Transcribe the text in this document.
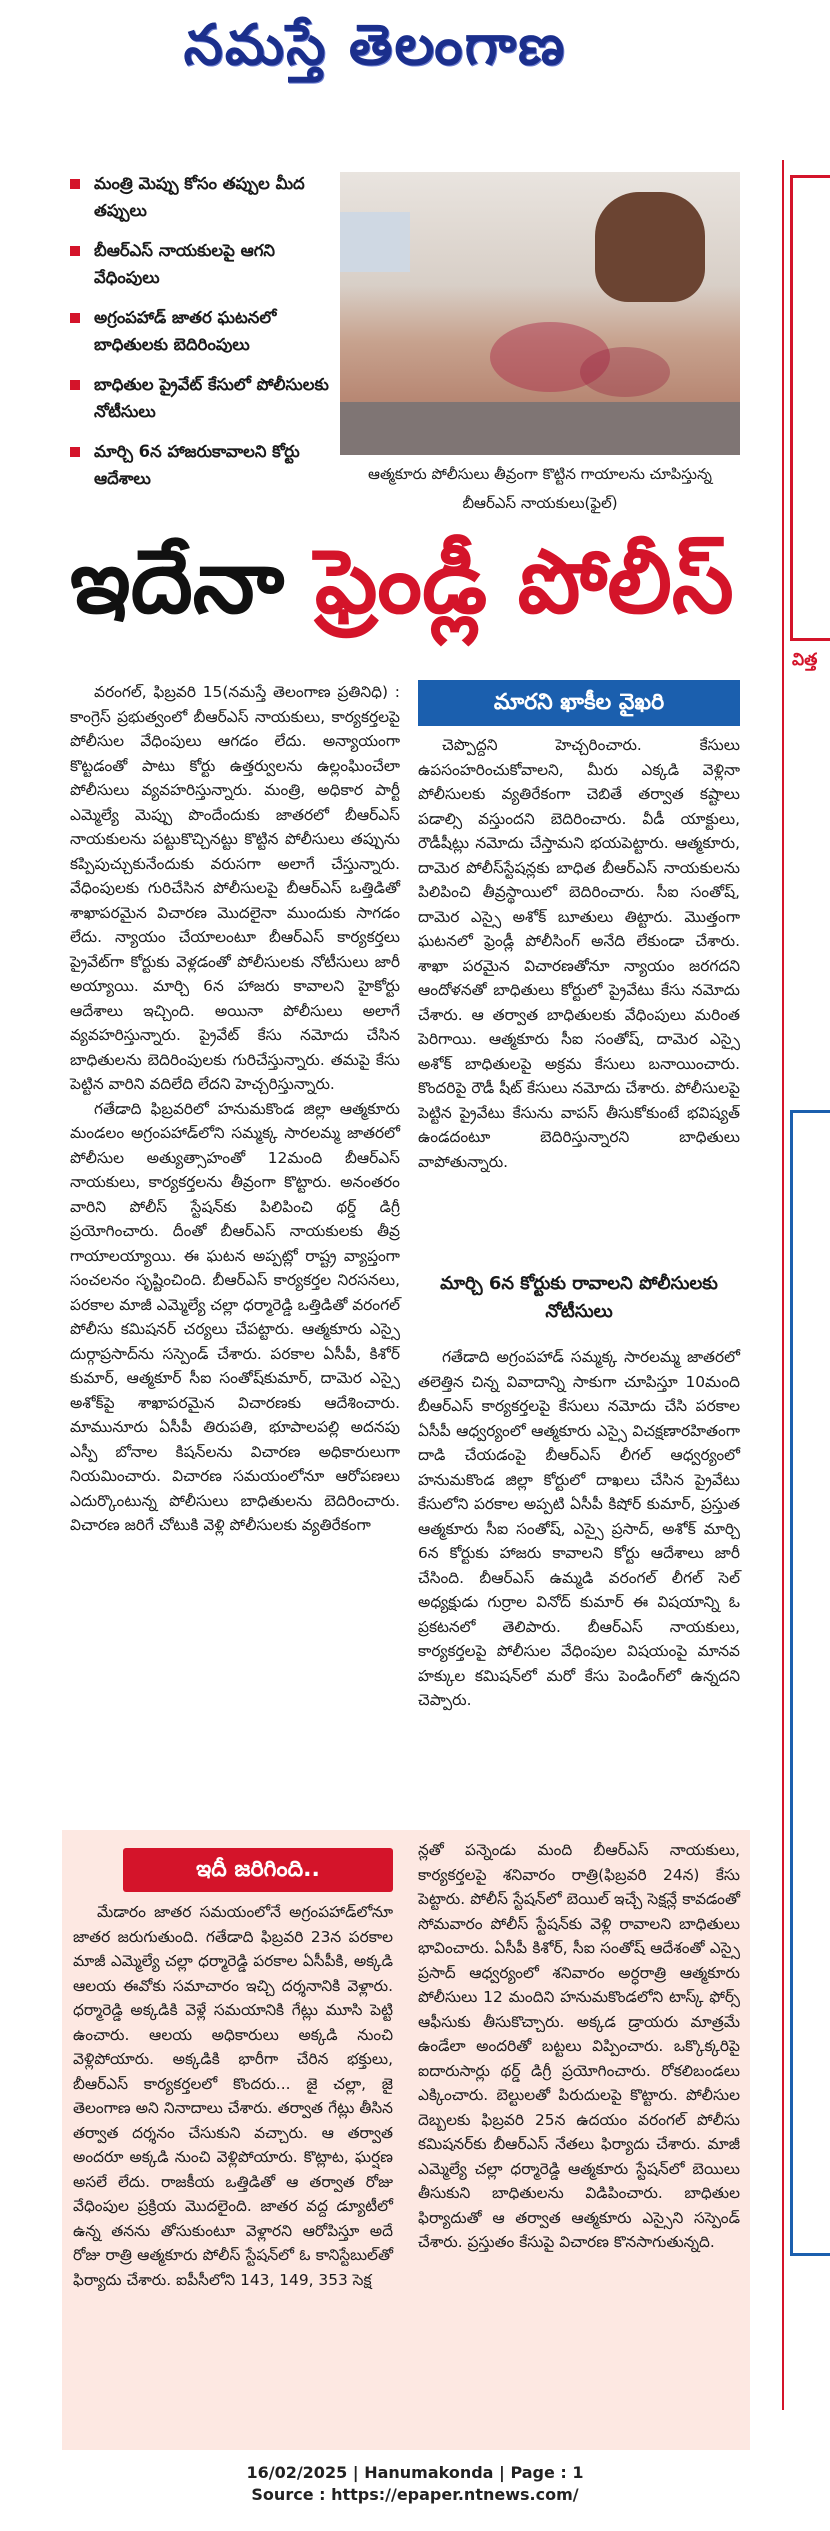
నమస్తే తెలంగాణ
మంత్రి మెప్పు కోసం తప్పుల మీద తప్పులు
బీఆర్‌ఎస్ నాయకులపై ఆగని వేధింపులు
అగ్రంపహాడ్ జాతర ఘటనలో బాధితులకు బెదిరింపులు
బాధితుల ప్రైవేట్ కేసులో పోలీసులకు నోటీసులు
మార్చి 6న హాజరుకావాలని కోర్టు ఆదేశాలు	ఆత్మకూరు పోలీసులు తీవ్రంగా కొట్టిన గాయాలను చూపిస్తున్న బీఆర్‌ఎస్ నాయకులు(ఫైల్)
ఇదేనా ఫ్రెండ్లీ పోలీస్

వరంగల్, ఫిబ్రవరి 15(నమస్తే తెలంగాణ ప్రతినిధి) : కాంగ్రెస్ ప్రభుత్వంలో బీఆర్‌ఎస్ నాయకులు, కార్యకర్తలపై పోలీసుల వేధింపులు ఆగడం లేదు. అన్యాయంగా కొట్టడంతో పాటు కోర్టు ఉత్తర్వులను ఉల్లంఘించేలా పోలీసులు వ్యవహరిస్తున్నారు. మంత్రి, అధికార పార్టీ ఎమ్మెల్యే మెప్పు పొందేందుకు జాతరలో బీఆర్‌ఎస్ నాయకులను పట్టుకొచ్చినట్టు కొట్టిన పోలీసులు తప్పును కప్పిపుచ్చుకునేందుకు వరుసగా అలాగే చేస్తున్నారు. వేధింపులకు గురిచేసిన పోలీసులపై బీఆర్‌ఎస్ ఒత్తిడితో శాఖాపరమైన విచారణ మొదలైనా ముందుకు సాగడం లేదు. న్యాయం చేయాలంటూ బీఆర్‌ఎస్ కార్యకర్తలు ప్రైవేట్‌గా కోర్టుకు వెళ్లడంతో పోలీసులకు నోటీసులు జారీ అయ్యాయి. మార్చి 6న హాజరు కావాలని హైకోర్టు ఆదేశాలు ఇచ్చింది. అయినా పోలీసులు అలాగే వ్యవహరిస్తున్నారు. ప్రైవేట్ కేసు నమోదు చేసిన బాధితులను బెదిరింపులకు గురిచేస్తున్నారు. తమపై కేసు పెట్టిన వారిని వదిలేది లేదని హెచ్చరిస్తున్నారు.

గతేడాది ఫిబ్రవరిలో హనుమకొండ జిల్లా ఆత్మకూరు మండలం అగ్రంపహాడ్‌లోని సమ్మక్క సారలమ్మ జాతరలో పోలీసుల అత్యుత్సాహంతో 12మంది బీఆర్‌ఎస్ నాయకులు, కార్యకర్తలను తీవ్రంగా కొట్టారు. అనంతరం వారిని పోలీస్ స్టేషన్‌కు పిలిపించి థర్డ్ డిగ్రీ ప్రయోగించారు. దీంతో బీఆర్‌ఎస్ నాయకులకు తీవ్ర గాయాలయ్యాయి. ఈ ఘటన అప్పట్లో రాష్ట్ర వ్యాప్తంగా సంచలనం సృష్టించింది. బీఆర్‌ఎస్ కార్యకర్తల నిరసనలు, పరకాల మాజీ ఎమ్మెల్యే చల్లా ధర్మారెడ్డి ఒత్తిడితో వరంగల్ పోలీసు కమిషనర్ చర్యలు చేపట్టారు. ఆత్మకూరు ఎస్సై దుర్గాప్రసాద్‌ను సస్పెండ్ చేశారు. పరకాల ఏసీపీ, కిశోర్ కుమార్, ఆత్మకూర్ సీఐ సంతోష్‌కుమార్, దామెర ఎస్సై అశోక్‌పై శాఖాపరమైన విచారణకు ఆదేశించారు. మామునూరు ఏసీపీ తిరుపతి, భూపాలపల్లి అదనపు ఎస్పీ బోనాల కిషన్‌లను విచారణ అధికారులుగా నియమించారు. విచారణ సమయంలోనూ ఆరోపణలు ఎదుర్కొంటున్న పోలీసులు బాధితులను బెదిరించారు. విచారణ జరిగే చోటుకి వెళ్లి పోలీసులకు వ్యతిరేకంగా

మారని ఖాకీల వైఖరి

చెప్పొద్దని హెచ్చరించారు. కేసులు ఉపసంహరించుకోవాలని, మీరు ఎక్కడి వెళ్లినా పోలీసులకు వ్యతిరేకంగా చెబితే తర్వాత కష్టాలు పడాల్సి వస్తుందని బెదిరించారు. వీడీ యాక్టులు, రౌడీషీట్లు నమోదు చేస్తామని భయపెట్టారు. ఆత్మకూరు, దామెర పోలీస్‌స్టేషన్లకు బాధిత బీఆర్‌ఎస్ నాయకులను పిలిపించి తీవ్రస్థాయిలో బెదిరించారు. సీఐ సంతోష్, దామెర ఎస్సై అశోక్ బూతులు తిట్టారు. మొత్తంగా ఘటనలో ఫ్రెండ్లీ పోలీసింగ్ అనేది లేకుండా చేశారు. శాఖా పరమైన విచారణతోనూ న్యాయం జరగదని ఆందోళనతో బాధితులు కోర్టులో ప్రైవేటు కేసు నమోదు చేశారు. ఆ తర్వాత బాధితులకు వేధింపులు మరింత పెరిగాయి. ఆత్మకూరు సీఐ సంతోష్, దామెర ఎస్సై అశోక్ బాధితులపై అక్రమ కేసులు బనాయించారు. కొందరిపై రౌడీ షీట్ కేసులు నమోదు చేశారు. పోలీసులపై పెట్టిన ప్రైవేటు కేసును వాపస్ తీసుకోకుంటే భవిష్యత్ ఉండదంటూ బెదిరిస్తున్నారని బాధితులు వాపోతున్నారు.

మార్చి 6న కోర్టుకు రావాలని పోలీసులకు నోటీసులు

గతేడాది అగ్రంపహాడ్ సమ్మక్క సారలమ్మ జాతరలో తలెత్తిన చిన్న వివాదాన్ని సాకుగా చూపిస్తూ 10మంది బీఆర్‌ఎస్ కార్యకర్తలపై కేసులు నమోదు చేసి పరకాల ఏసీపీ ఆధ్వర్యంలో ఆత్మకూరు ఎస్సై విచక్షణారహితంగా దాడి చేయడంపై బీఆర్‌ఎస్ లీగల్ ఆధ్వర్యంలో హనుమకొండ జిల్లా కోర్టులో దాఖలు చేసిన ప్రైవేటు కేసులోని పరకాల అప్పటి ఏసీపీ కిషోర్ కుమార్, ప్రస్తుత ఆత్మకూరు సీఐ సంతోష్, ఎస్సై ప్రసాద్, అశోక్ మార్చి 6న కోర్టుకు హాజరు కావాలని కోర్టు ఆదేశాలు జారీ చేసింది. బీఆర్‌ఎస్ ఉమ్మడి వరంగల్ లీగల్ సెల్ అధ్యక్షుడు గుర్రాల వినోద్ కుమార్ ఈ విషయాన్ని ఓ ప్రకటనలో తెలిపారు. బీఆర్‌ఎస్ నాయకులు, కార్యకర్తలపై పోలీసుల వేధింపుల విషయంపై మానవ హక్కుల కమిషన్‌లో మరో కేసు పెండింగ్‌లో ఉన్నదని చెప్పారు.

ఇదీ జరిగింది..

మేడారం జాతర సమయంలోనే అగ్రంపహాడ్‌లోనూ జాతర జరుగుతుంది. గతేడాది ఫిబ్రవరి 23న పరకాల మాజీ ఎమ్మెల్యే చల్లా ధర్మారెడ్డి పరకాల ఏసీపీకి, అక్కడి ఆలయ ఈవోకు సమాచారం ఇచ్చి దర్శనానికి వెళ్లారు. ధర్మారెడ్డి అక్కడికి వెళ్లే సమయానికి గేట్లు మూసి పెట్టి ఉంచారు. ఆలయ అధికారులు అక్కడి నుంచి వెళ్లిపోయారు. అక్కడికి భారీగా చేరిన భక్తులు, బీఆర్‌ఎస్ కార్యకర్తలలో కొందరు... జై చల్లా, జై తెలంగాణ అని నినాదాలు చేశారు. తర్వాత గేట్లు తీసిన తర్వాత దర్శనం చేసుకుని వచ్చారు. ఆ తర్వాత అందరూ అక్కడి నుంచి వెళ్లిపోయారు. కొట్లాట, ఘర్షణ అసలే లేదు. రాజకీయ ఒత్తిడితో ఆ తర్వాత రోజు వేధింపుల ప్రక్రియ మొదలైంది. జాతర వద్ద డ్యూటీలో ఉన్న తనను తోసుకుంటూ వెళ్లారని ఆరోపిస్తూ అదే రోజు రాత్రి ఆత్మకూరు పోలీస్ స్టేషన్‌లో ఓ కానిస్టేబుల్‌తో ఫిర్యాదు చేశారు. ఐపీసీలోని 143, 149, 353 సెక్ష

న్లతో పన్నెండు మంది బీఆర్‌ఎస్ నాయకులు, కార్యకర్తలపై శనివారం రాత్రి(ఫిబ్రవరి 24న) కేసు పెట్టారు. పోలీస్ స్టేషన్‌లో బెయిల్ ఇచ్చే సెక్షన్లే కావడంతో సోమవారం పోలీస్ స్టేషన్‌కు వెళ్లి రావాలని బాధితులు భావించారు. ఏసీపీ కిశోర్, సీఐ సంతోష్ ఆదేశంతో ఎస్సై ప్రసాద్ ఆధ్వర్యంలో శనివారం అర్ధరాత్రి ఆత్మకూరు పోలీసులు 12 మందిని హనుమకొండలోని టాస్క్ ఫోర్స్ ఆఫీసుకు తీసుకొచ్చారు. అక్కడ డ్రాయరు మాత్రమే ఉండేలా అందరితో బట్టలు విప్పించారు. ఒక్కొక్కరిపై ఐదారుసార్లు థర్డ్ డిగ్రీ ప్రయోగించారు. రోకలిబండలు ఎక్కించారు. బెల్టులతో పిరుదులపై కొట్టారు. పోలీసుల దెబ్బలకు ఫిబ్రవరి 25న ఉదయం వరంగల్ పోలీసు కమిషనర్‌కు బీఆర్‌ఎస్ నేతలు ఫిర్యాదు చేశారు. మాజీ ఎమ్మెల్యే చల్లా ధర్మారెడ్డి ఆత్మకూరు స్టేషన్‌లో బెయిలు తీసుకుని బాధితులను విడిపించారు. బాధితుల ఫిర్యాదుతో ఆ తర్వాత ఆత్మకూరు ఎస్సైని సస్పెండ్ చేశారు. ప్రస్తుతం కేసుపై విచారణ కొనసాగుతున్నది.

విత్త
16/02/2025 | Hanumakonda | Page : 1
Source : https://epaper.ntnews.com/
